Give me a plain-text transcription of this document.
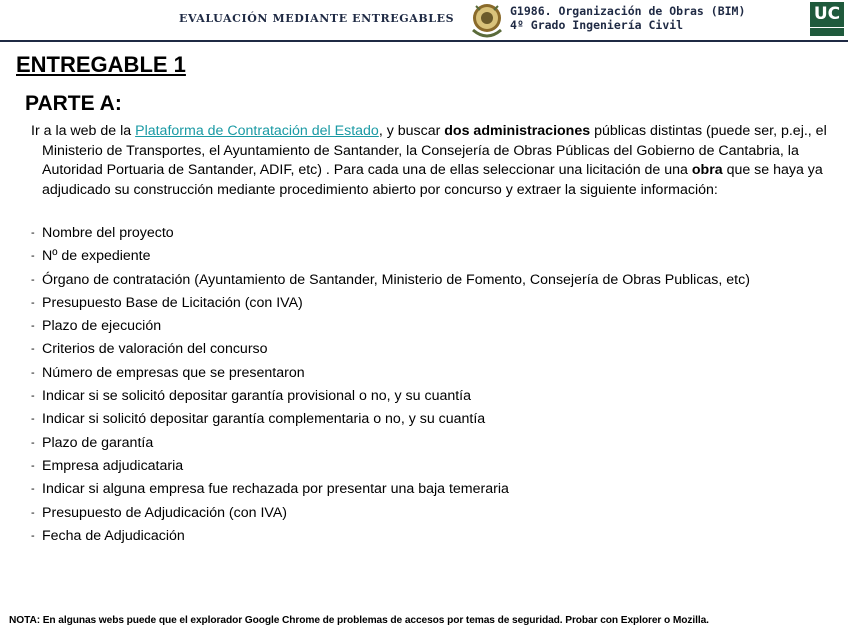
EVALUACIÓN MEDIANTE ENTREGABLES
G1986. Organización de Obras (BIM)
4º Grado Ingeniería Civil
UC
ENTREGABLE 1
PARTE A:
Ir a la web de la Plataforma de Contratación del Estado, y buscar dos administraciones públicas distintas (puede ser, p.ej., el Ministerio de Transportes, el Ayuntamiento de Santander, la Consejería de Obras Públicas del Gobierno de Cantabria, la Autoridad Portuaria de Santander, ADIF, etc) . Para cada una de ellas seleccionar una licitación de una obra que se haya ya adjudicado su construcción mediante procedimiento abierto por concurso y extraer la siguiente información:
- Nombre del proyecto
- Nº de expediente
- Órgano de contratación (Ayuntamiento de Santander, Ministerio de Fomento, Consejería de Obras Publicas, etc)
- Presupuesto Base de Licitación (con IVA)
- Plazo de ejecución
- Criterios de valoración del concurso
- Número de empresas que se presentaron
- Indicar si se solicitó depositar garantía provisional o no, y su cuantía
- Indicar si solicitó depositar garantía complementaria o no, y su cuantía
- Plazo de garantía
- Empresa adjudicataria
- Indicar si alguna empresa fue rechazada por presentar una baja temeraria
- Presupuesto de Adjudicación (con IVA)
- Fecha de Adjudicación
NOTA: En algunas webs puede que el explorador Google Chrome de problemas de accesos por temas de seguridad. Probar con Explorer o Mozilla.
